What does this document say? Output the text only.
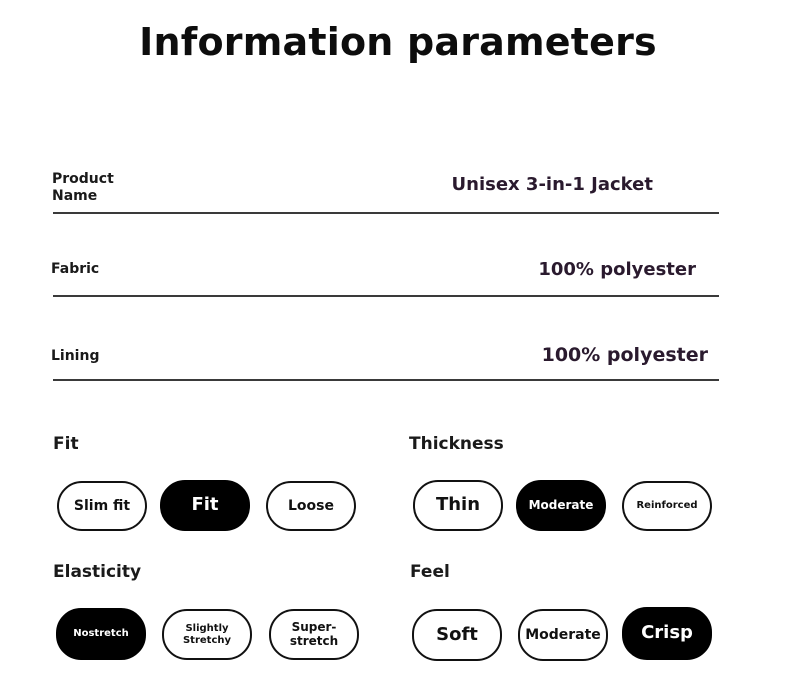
Information parameters
Product Name
Unisex 3-in-1 Jacket
Fabric	100% polyester
Lining	100% polyester
Fit
Slim fit	Fit	Loose
Thickness
Thin	Moderate	Reinforced
Elasticity
Nostretch	Slightly Stretchy
Super-stretch
Feel
Soft	Moderate Crisp
